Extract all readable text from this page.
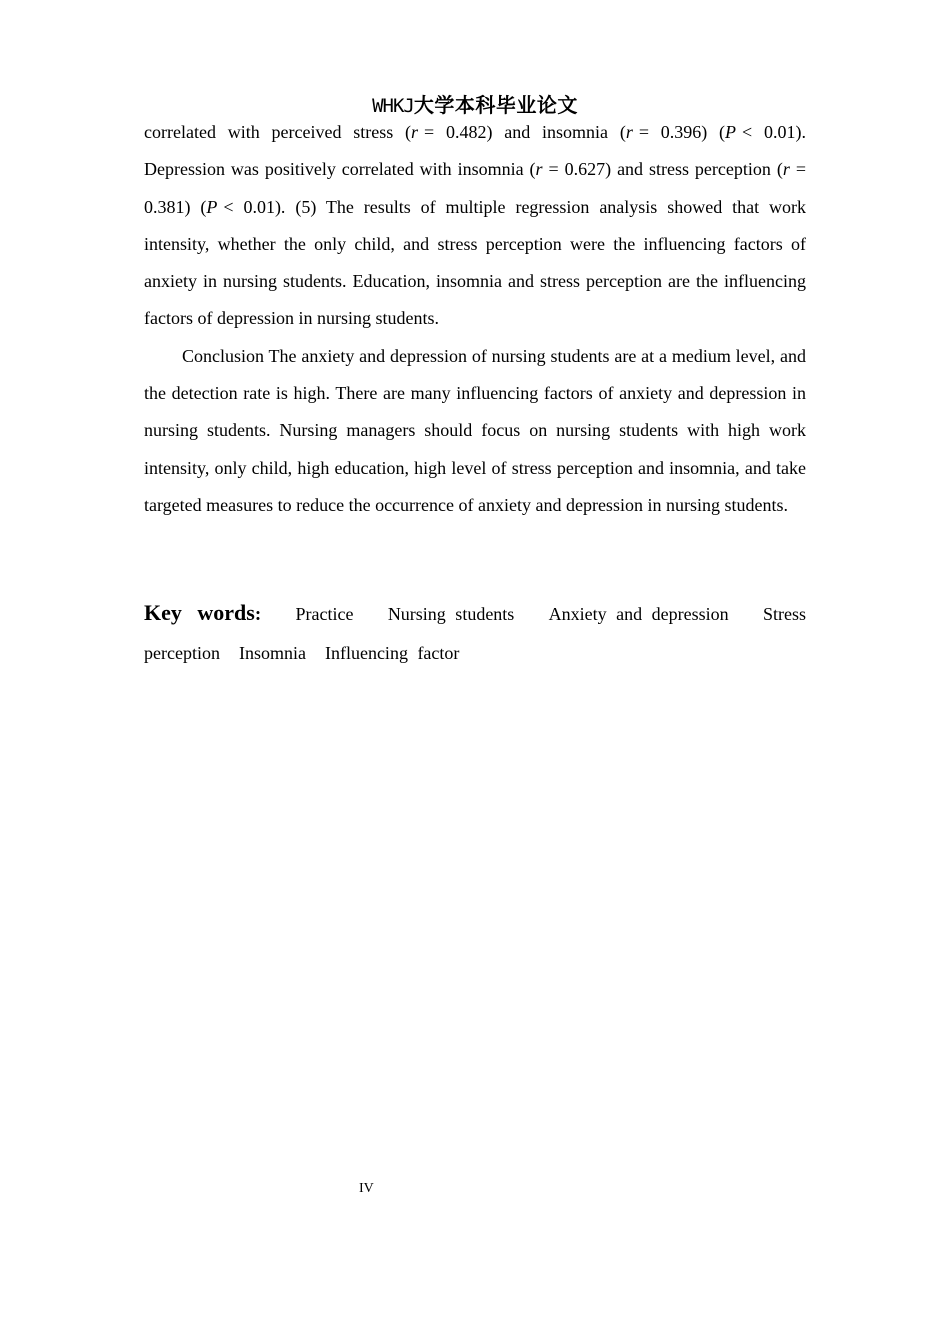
WHKJ大学本科毕业论文

correlated with perceived stress (r = 0.482) and insomnia (r = 0.396) (P < 0.01). Depression was positively correlated with insomnia (r = 0.627) and stress perception (r = 0.381) (P < 0.01). (5) The results of multiple regression analysis showed that work intensity, whether the only child, and stress perception were the influencing factors of anxiety in nursing students. Education, insomnia and stress perception are the influencing factors of depression in nursing students.

Conclusion The anxiety and depression of nursing students are at a medium level, and the detection rate is high. There are many influencing factors of anxiety and depression in nursing students. Nursing managers should focus on nursing students with high work intensity, only child, high education, high level of stress perception and insomnia, and take targeted measures to reduce the occurrence of anxiety and depression in nursing students.

Key words: Practice Nursing students Anxiety and depression Stress
perception Insomnia Influencing factor
IV
